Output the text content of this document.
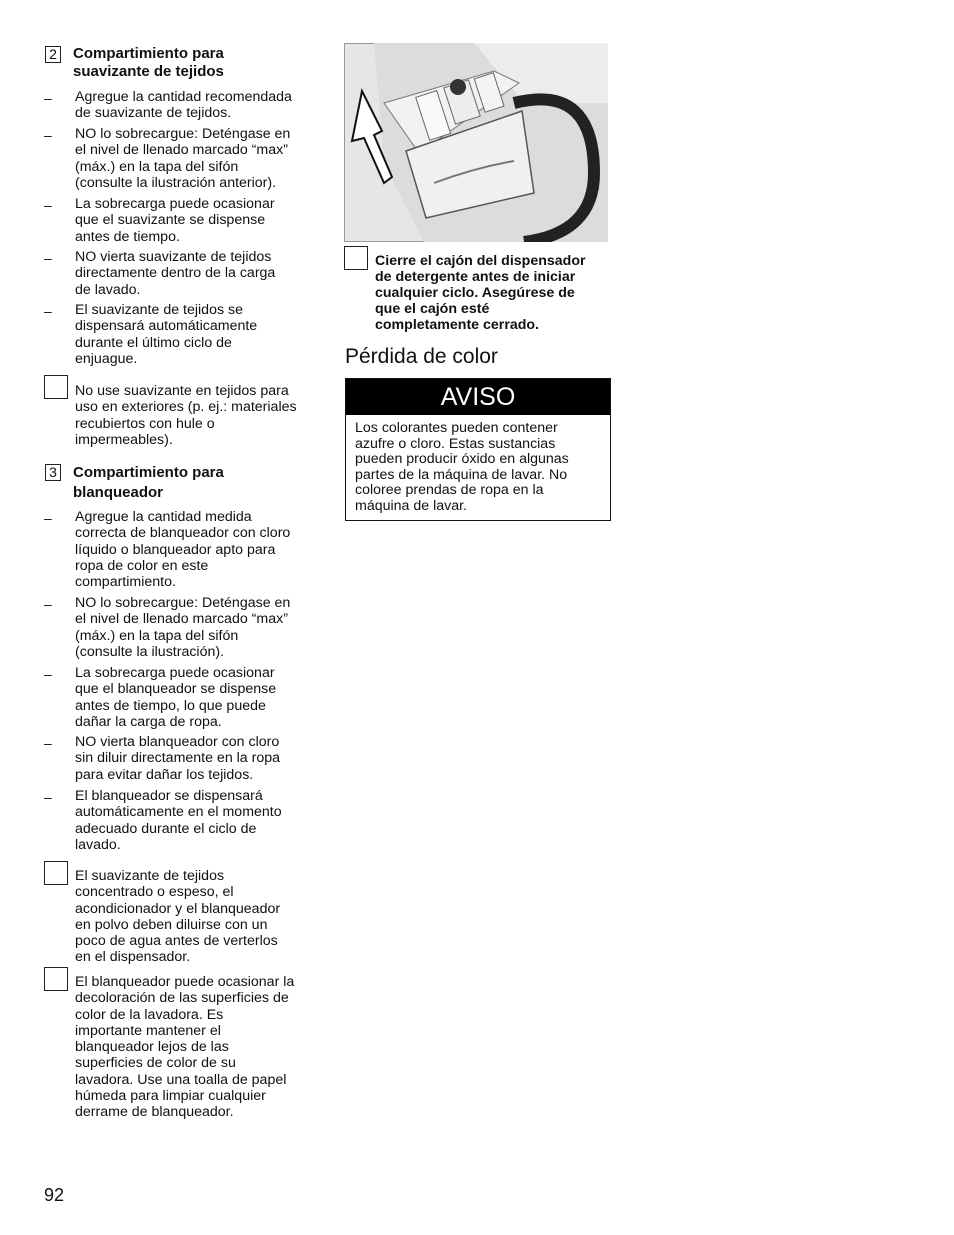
2 Compartimiento para
suavizante de tejidos
– Agregue la cantidad recomendada
de suavizante de tejidos.
– NO lo sobrecargue: Deténgase en
el nivel de llenado marcado “max”
(máx.) en la tapa del sifón
(consulte la ilustración anterior).
– La sobrecarga puede ocasionar
que el suavizante se dispense
antes de tiempo.
– NO vierta suavizante de tejidos
directamente dentro de la carga
de lavado.
– El suavizante de tejidos se
dispensará automáticamente
durante el último ciclo de
enjuague.
No use suavizante en tejidos para
uso en exteriores (p. ej.: materiales
recubiertos con hule o
impermeables).
3 Compartimiento para
blanqueador
– Agregue la cantidad medida
correcta de blanqueador con cloro
líquido o blanqueador apto para
ropa de color en este
compartimiento.
– NO lo sobrecargue: Deténgase en
el nivel de llenado marcado “max”
(máx.) en la tapa del sifón
(consulte la ilustración).
– La sobrecarga puede ocasionar
que el blanqueador se dispense
antes de tiempo, lo que puede
dañar la carga de ropa.
– NO vierta blanqueador con cloro
sin diluir directamente en la ropa
para evitar dañar los tejidos.
– El blanqueador se dispensará
automáticamente en el momento
adecuado durante el ciclo de
lavado.
El suavizante de tejidos
concentrado o espeso, el
acondicionador y el blanqueador
en polvo deben diluirse con un
poco de agua antes de verterlos
en el dispensador.
El blanqueador puede ocasionar la
decoloración de las superficies de
color de la lavadora. Es
importante mantener el
blanqueador lejos de las
superficies de color de su
lavadora. Use una toalla de papel
húmeda para limpiar cualquier
derrame de blanqueador.
92
Cierre el cajón del dispensador
de detergente antes de iniciar
cualquier ciclo. Asegúrese de
que el cajón esté
completamente cerrado.
Pérdida de color
AVISO
Los colorantes pueden contener
azufre o cloro. Estas sustancias
pueden producir óxido en algunas
partes de la máquina de lavar. No
coloree prendas de ropa en la
máquina de lavar.
